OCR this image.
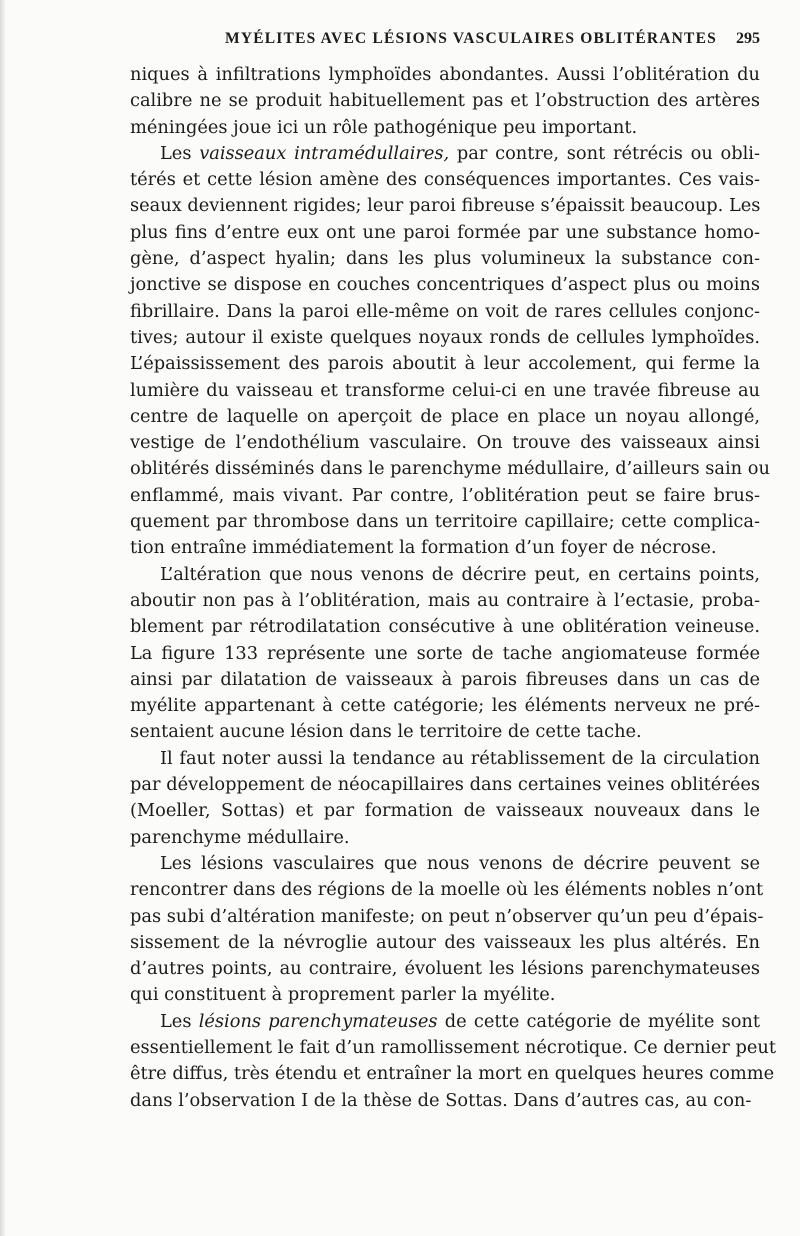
MYÉLITES AVEC LÉSIONS VASCULAIRES OBLITÉRANTES 295
niques à infiltrations lymphoïdes abondantes. Aussi l’oblitération du
calibre ne se produit habituellement pas et l’obstruction des artères
méningées joue ici un rôle pathogénique peu important.
Les vaisseaux intramédullaires, par contre, sont rétrécis ou obli-
térés et cette lésion amène des conséquences importantes. Ces vais-
seaux deviennent rigides; leur paroi fibreuse s’épaissit beaucoup. Les
plus fins d’entre eux ont une paroi formée par une substance homo-
gène, d’aspect hyalin; dans les plus volumineux la substance con-
jonctive se dispose en couches concentriques d’aspect plus ou moins
fibrillaire. Dans la paroi elle-même on voit de rares cellules conjonc-
tives; autour il existe quelques noyaux ronds de cellules lymphoïdes.
L’épaississement des parois aboutit à leur accolement, qui ferme la
lumière du vaisseau et transforme celui-ci en une travée fibreuse au
centre de laquelle on aperçoit de place en place un noyau allongé,
vestige de l’endothélium vasculaire. On trouve des vaisseaux ainsi
oblitérés disséminés dans le parenchyme médullaire, d’ailleurs sain ou
enflammé, mais vivant. Par contre, l’oblitération peut se faire brus-
quement par thrombose dans un territoire capillaire; cette complica-
tion entraîne immédiatement la formation d’un foyer de nécrose.
L’altération que nous venons de décrire peut, en certains points,
aboutir non pas à l’oblitération, mais au contraire à l’ectasie, proba-
blement par rétrodilatation consécutive à une oblitération veineuse.
La figure 133 représente une sorte de tache angiomateuse formée
ainsi par dilatation de vaisseaux à parois fibreuses dans un cas de
myélite appartenant à cette catégorie; les éléments nerveux ne pré-
sentaient aucune lésion dans le territoire de cette tache.
Il faut noter aussi la tendance au rétablissement de la circulation
par développement de néocapillaires dans certaines veines oblitérées
(Moeller, Sottas) et par formation de vaisseaux nouveaux dans le
parenchyme médullaire.
Les lésions vasculaires que nous venons de décrire peuvent se
rencontrer dans des régions de la moelle où les éléments nobles n’ont
pas subi d’altération manifeste; on peut n’observer qu’un peu d’épais-
sissement de la névroglie autour des vaisseaux les plus altérés. En
d’autres points, au contraire, évoluent les lésions parenchymateuses
qui constituent à proprement parler la myélite.
Les lésions parenchymateuses de cette catégorie de myélite sont
essentiellement le fait d’un ramollissement nécrotique. Ce dernier peut
être diffus, très étendu et entraîner la mort en quelques heures comme
dans l’observation I de la thèse de Sottas. Dans d’autres cas, au con-
